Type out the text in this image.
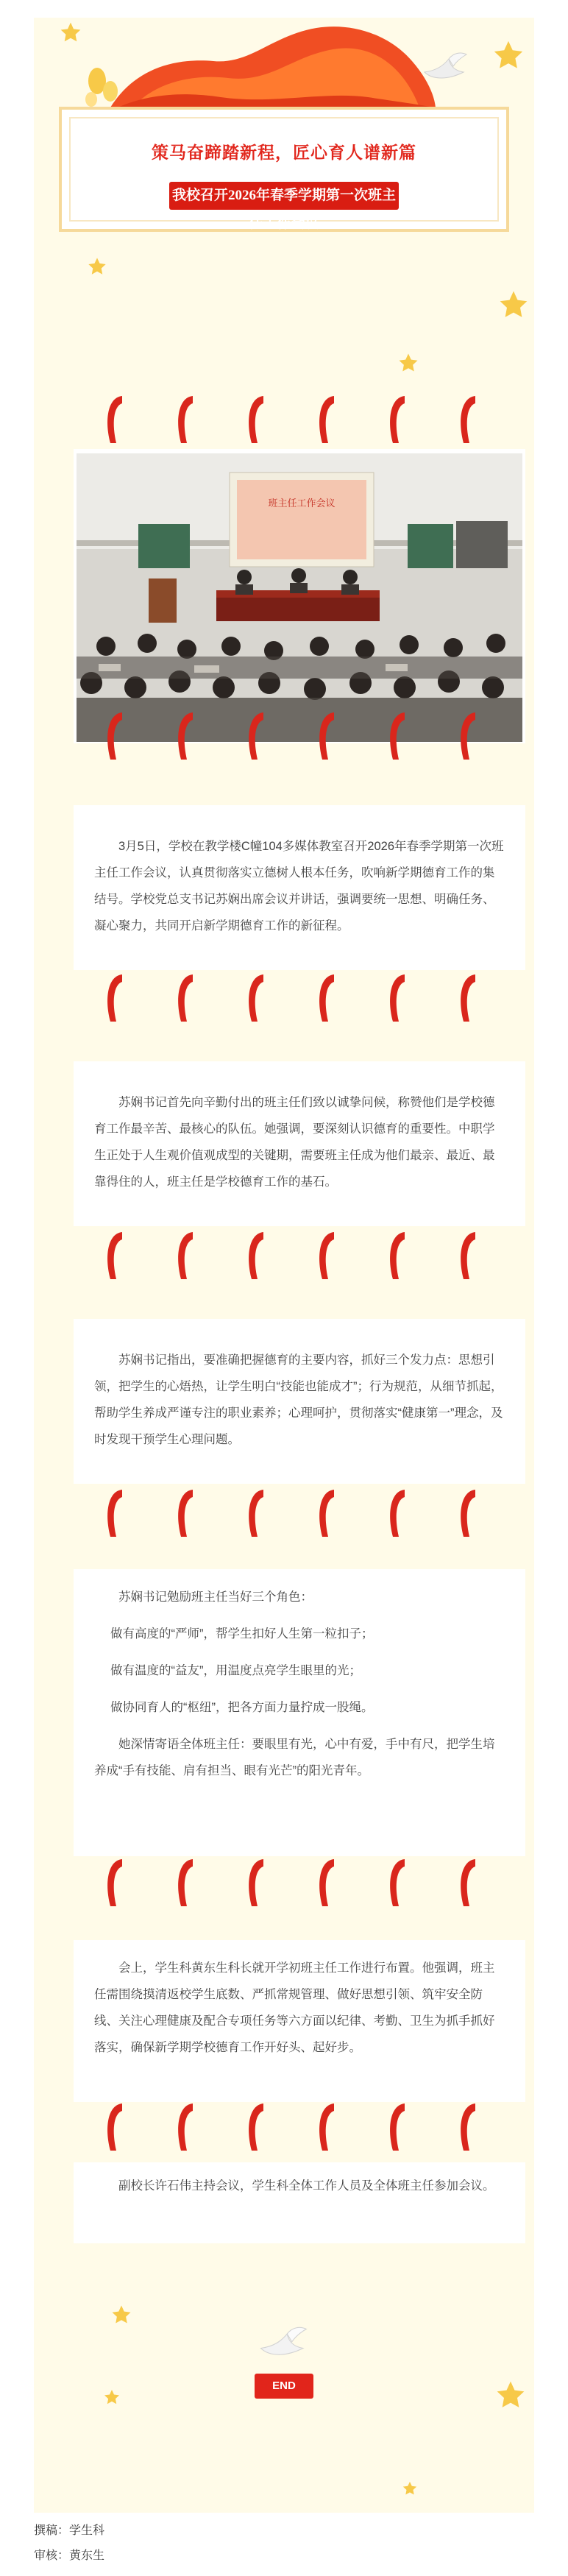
策马奋蹄踏新程，匠心育人谱新篇
我校召开2026年春季学期第一次班主任工作会议
班主任工作会议

3月5日，学校在教学楼C幢104多媒体教室召开2026年春季学期第一次班主任工作会议，认真贯彻落实立德树人根本任务，吹响新学期德育工作的集结号。学校党总支书记苏娴出席会议并讲话，强调要统一思想、明确任务、凝心聚力，共同开启新学期德育工作的新征程。

苏娴书记首先向辛勤付出的班主任们致以诚挚问候，称赞他们是学校德育工作最辛苦、最核心的队伍。她强调，要深刻认识德育的重要性。中职学生正处于人生观价值观成型的关键期，需要班主任成为他们最亲、最近、最靠得住的人，班主任是学校德育工作的基石。

苏娴书记指出，要准确把握德育的主要内容，抓好三个发力点：思想引领，把学生的心焐热，让学生明白“技能也能成才”；行为规范，从细节抓起，帮助学生养成严谨专注的职业素养；心理呵护，贯彻落实“健康第一”理念，及时发现干预学生心理问题。

苏娴书记勉励班主任当好三个角色：

做有高度的“严师”，帮学生扣好人生第一粒扣子；

做有温度的“益友”，用温度点亮学生眼里的光；

做协同育人的“枢纽”，把各方面力量拧成一股绳。

她深情寄语全体班主任：要眼里有光，心中有爱，手中有尺，把学生培养成“手有技能、肩有担当、眼有光芒”的阳光青年。

会上，学生科黄东生科长就开学初班主任工作进行布置。他强调，班主任需围绕摸清返校学生底数、严抓常规管理、做好思想引领、筑牢安全防线、关注心理健康及配合专项任务等六方面以纪律、考勤、卫生为抓手抓好落实，确保新学期学校德育工作开好头、起好步。

副校长许石伟主持会议，学生科全体工作人员及全体班主任参加会议。

END
撰稿：学生科
审核：黄东生
